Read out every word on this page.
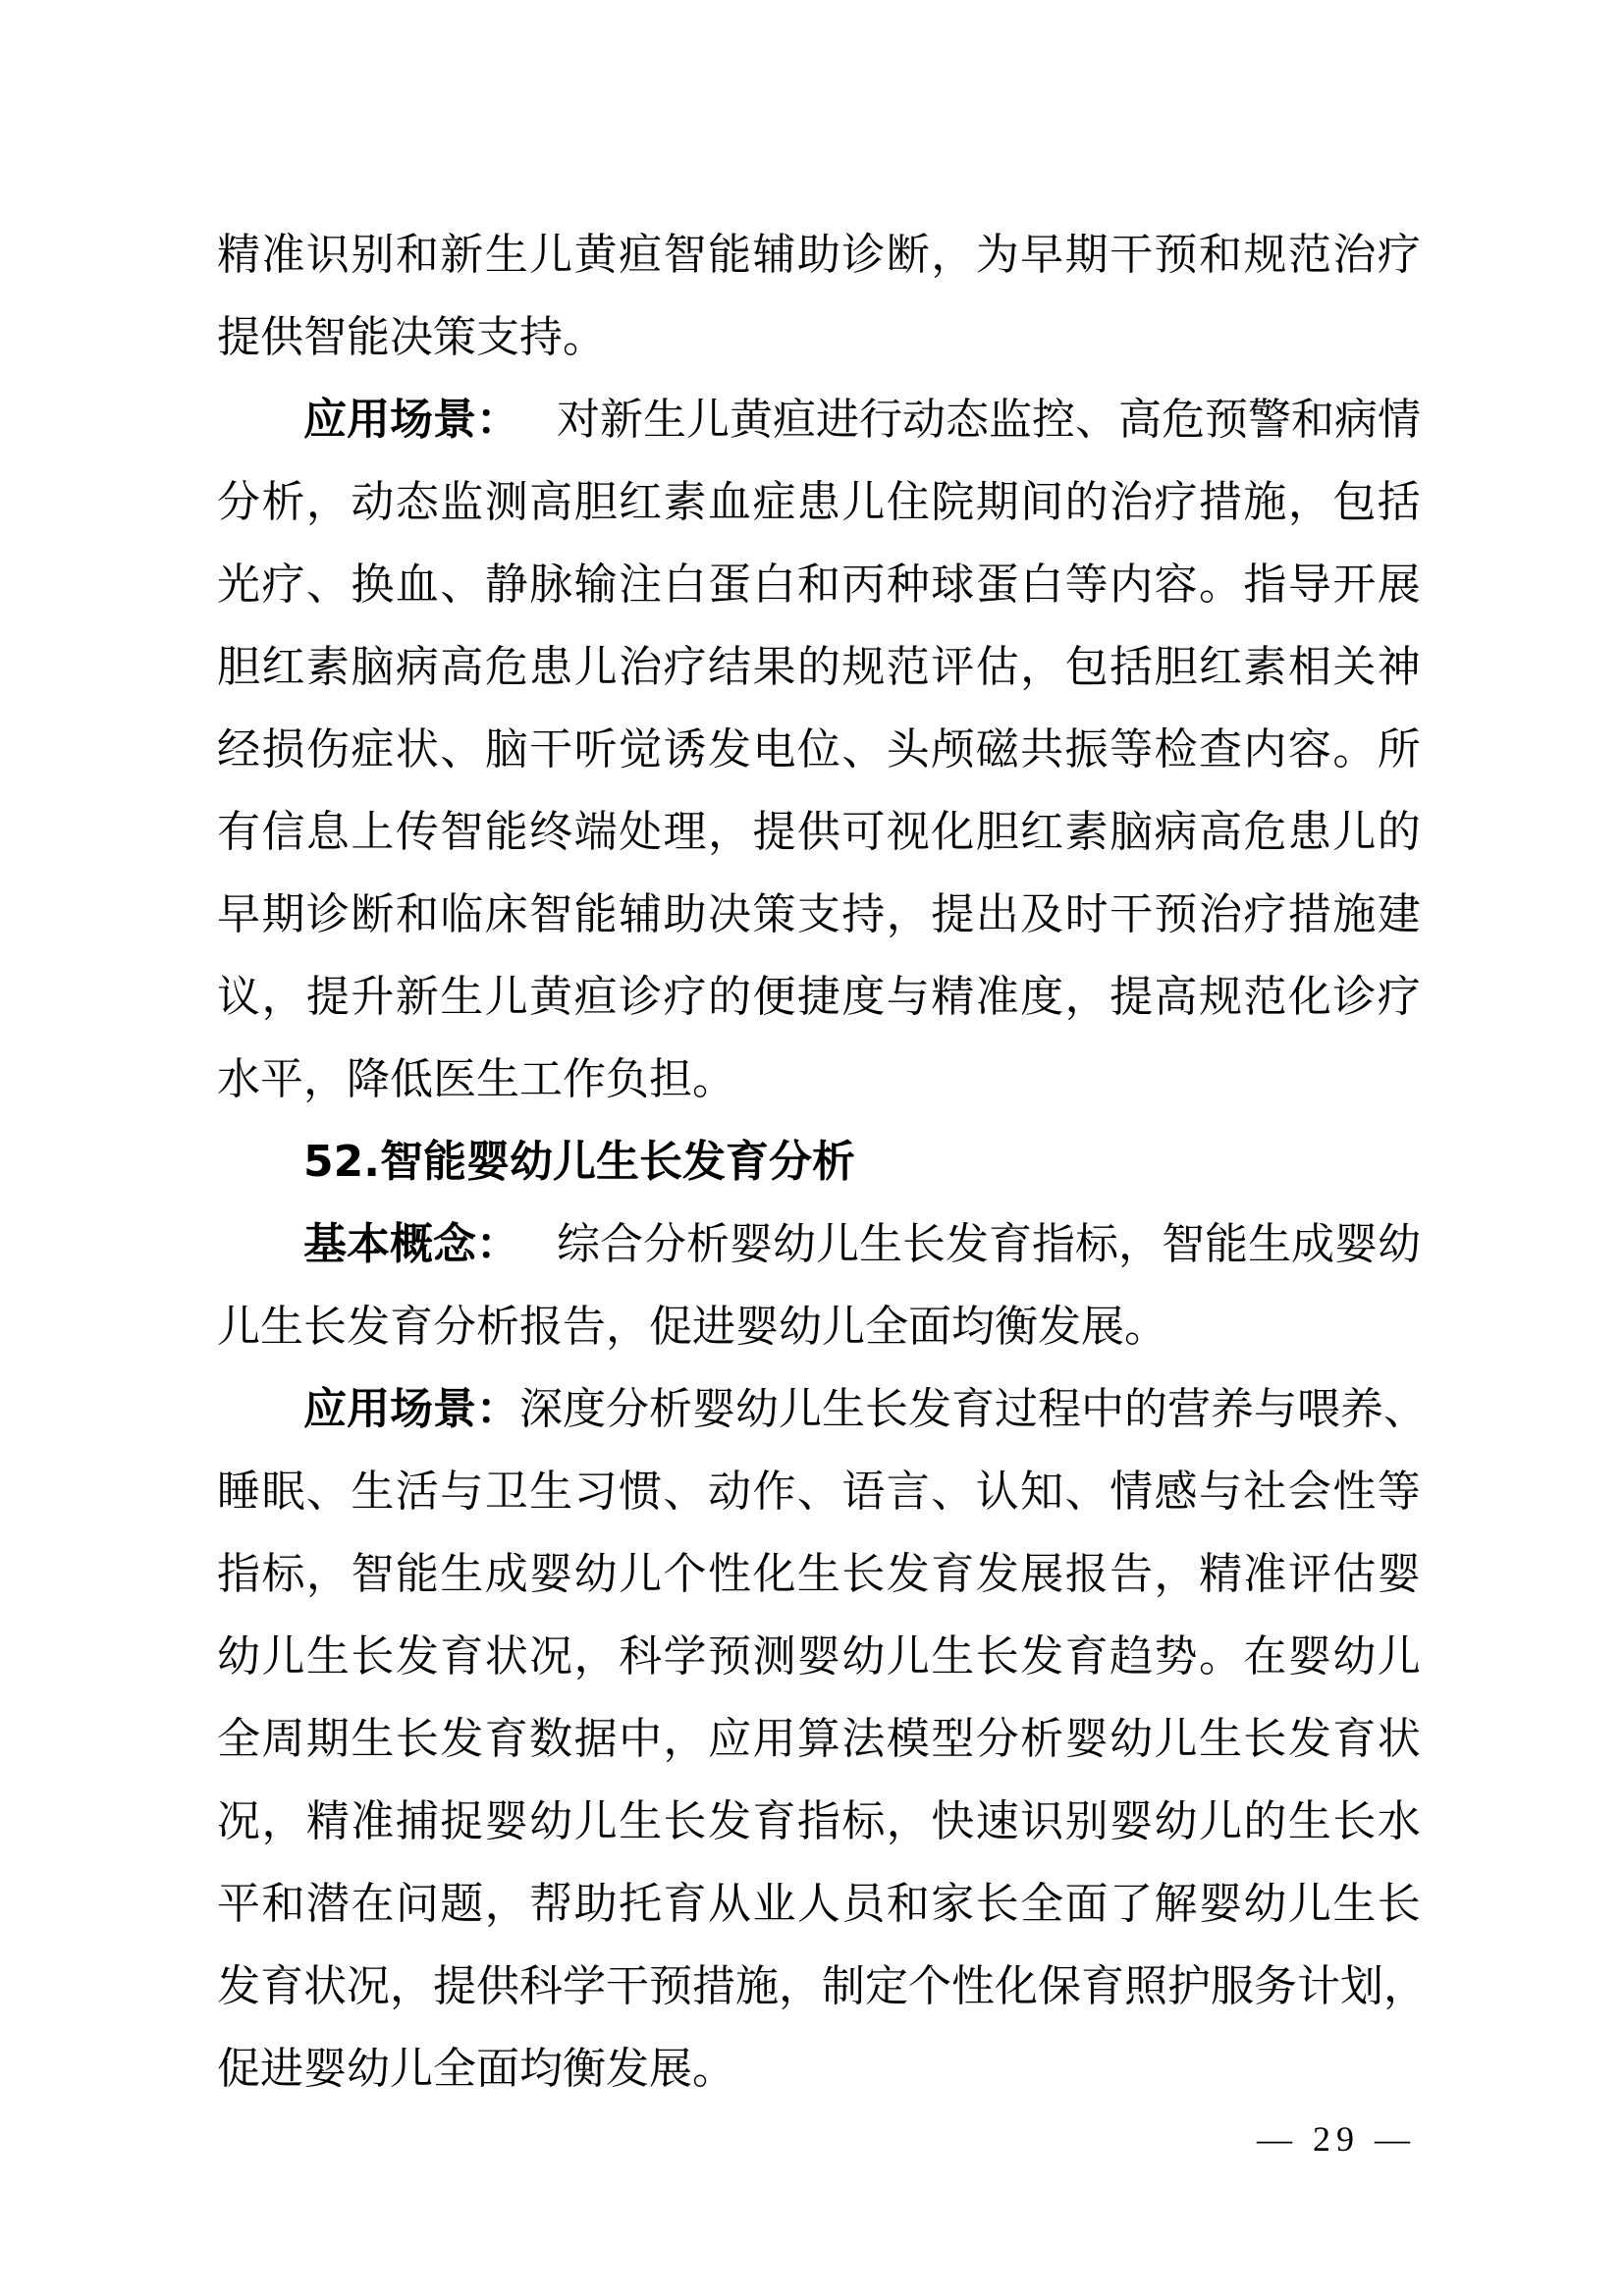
精 准 识 别 和 新 生 儿 黄 疸 智 能 辅 助 诊 断 ， 为 早 期 干 预 和 规 范 治 疗
提供智能决策支持。
应用场景： 对新生儿黄疸进行动态监控、高危预警和病情
分 析 ， 动 态 监 测 高 胆 红 素 血 症 患 儿 住 院 期 间 的 治 疗 措 施 ， 包 括
光 疗 、 换 血 、 静 脉 输 注 白 蛋 白 和 丙 种 球 蛋 白 等 内 容 。 指 导 开 展
胆 红 素 脑 病 高 危 患 儿 治 疗 结 果 的 规 范 评 估 ， 包 括 胆 红 素 相 关 神
经 损 伤 症 状 、 脑 干 听 觉 诱 发 电 位 、 头 颅 磁 共 振 等 检 查 内 容 。 所
有 信 息 上 传 智 能 终 端 处 理 ， 提 供 可 视 化 胆 红 素 脑 病 高 危 患 儿 的
早 期 诊 断 和 临 床 智 能 辅 助 决 策 支 持 ， 提 出 及 时 干 预 治 疗 措 施 建
议 ， 提 升 新 生 儿 黄 疸 诊 疗 的 便 捷 度 与 精 准 度 ， 提 高 规 范 化 诊 疗
水平，降低医生工作负担。
52.智能婴幼儿生长发育分析
基本概念： 综合分析婴幼儿生长发育指标，智能生成婴幼
儿生长发育分析报告，促进婴幼儿全面均衡发展。
应用场景： 深度分析婴幼儿生长发育过程中的营养与喂养、
睡 眠 、 生 活 与 卫 生 习 惯 、 动 作 、 语 言 、 认 知 、 情 感 与 社 会 性 等
指 标 ， 智 能 生 成 婴 幼 儿 个 性 化 生 长 发 育 发 展 报 告 ， 精 准 评 估 婴
幼 儿 生 长 发 育 状 况 ， 科 学 预 测 婴 幼 儿 生 长 发 育 趋 势 。 在 婴 幼 儿
全 周 期 生 长 发 育 数 据 中 ， 应 用 算 法 模 型 分 析 婴 幼 儿 生 长 发 育 状
况 ， 精 准 捕 捉 婴 幼 儿 生 长 发 育 指 标 ， 快 速 识 别 婴 幼 儿 的 生 长 水
平 和 潜 在 问 题 ， 帮 助 托 育 从 业 人 员 和 家 长 全 面 了 解 婴 幼 儿 生 长
发 育 状 况 ， 提 供 科 学 干 预 措 施 ， 制 定 个 性 化 保 育 照 护 服 务 计 划 ，
促进婴幼儿全面均衡发展。
— 29 —
